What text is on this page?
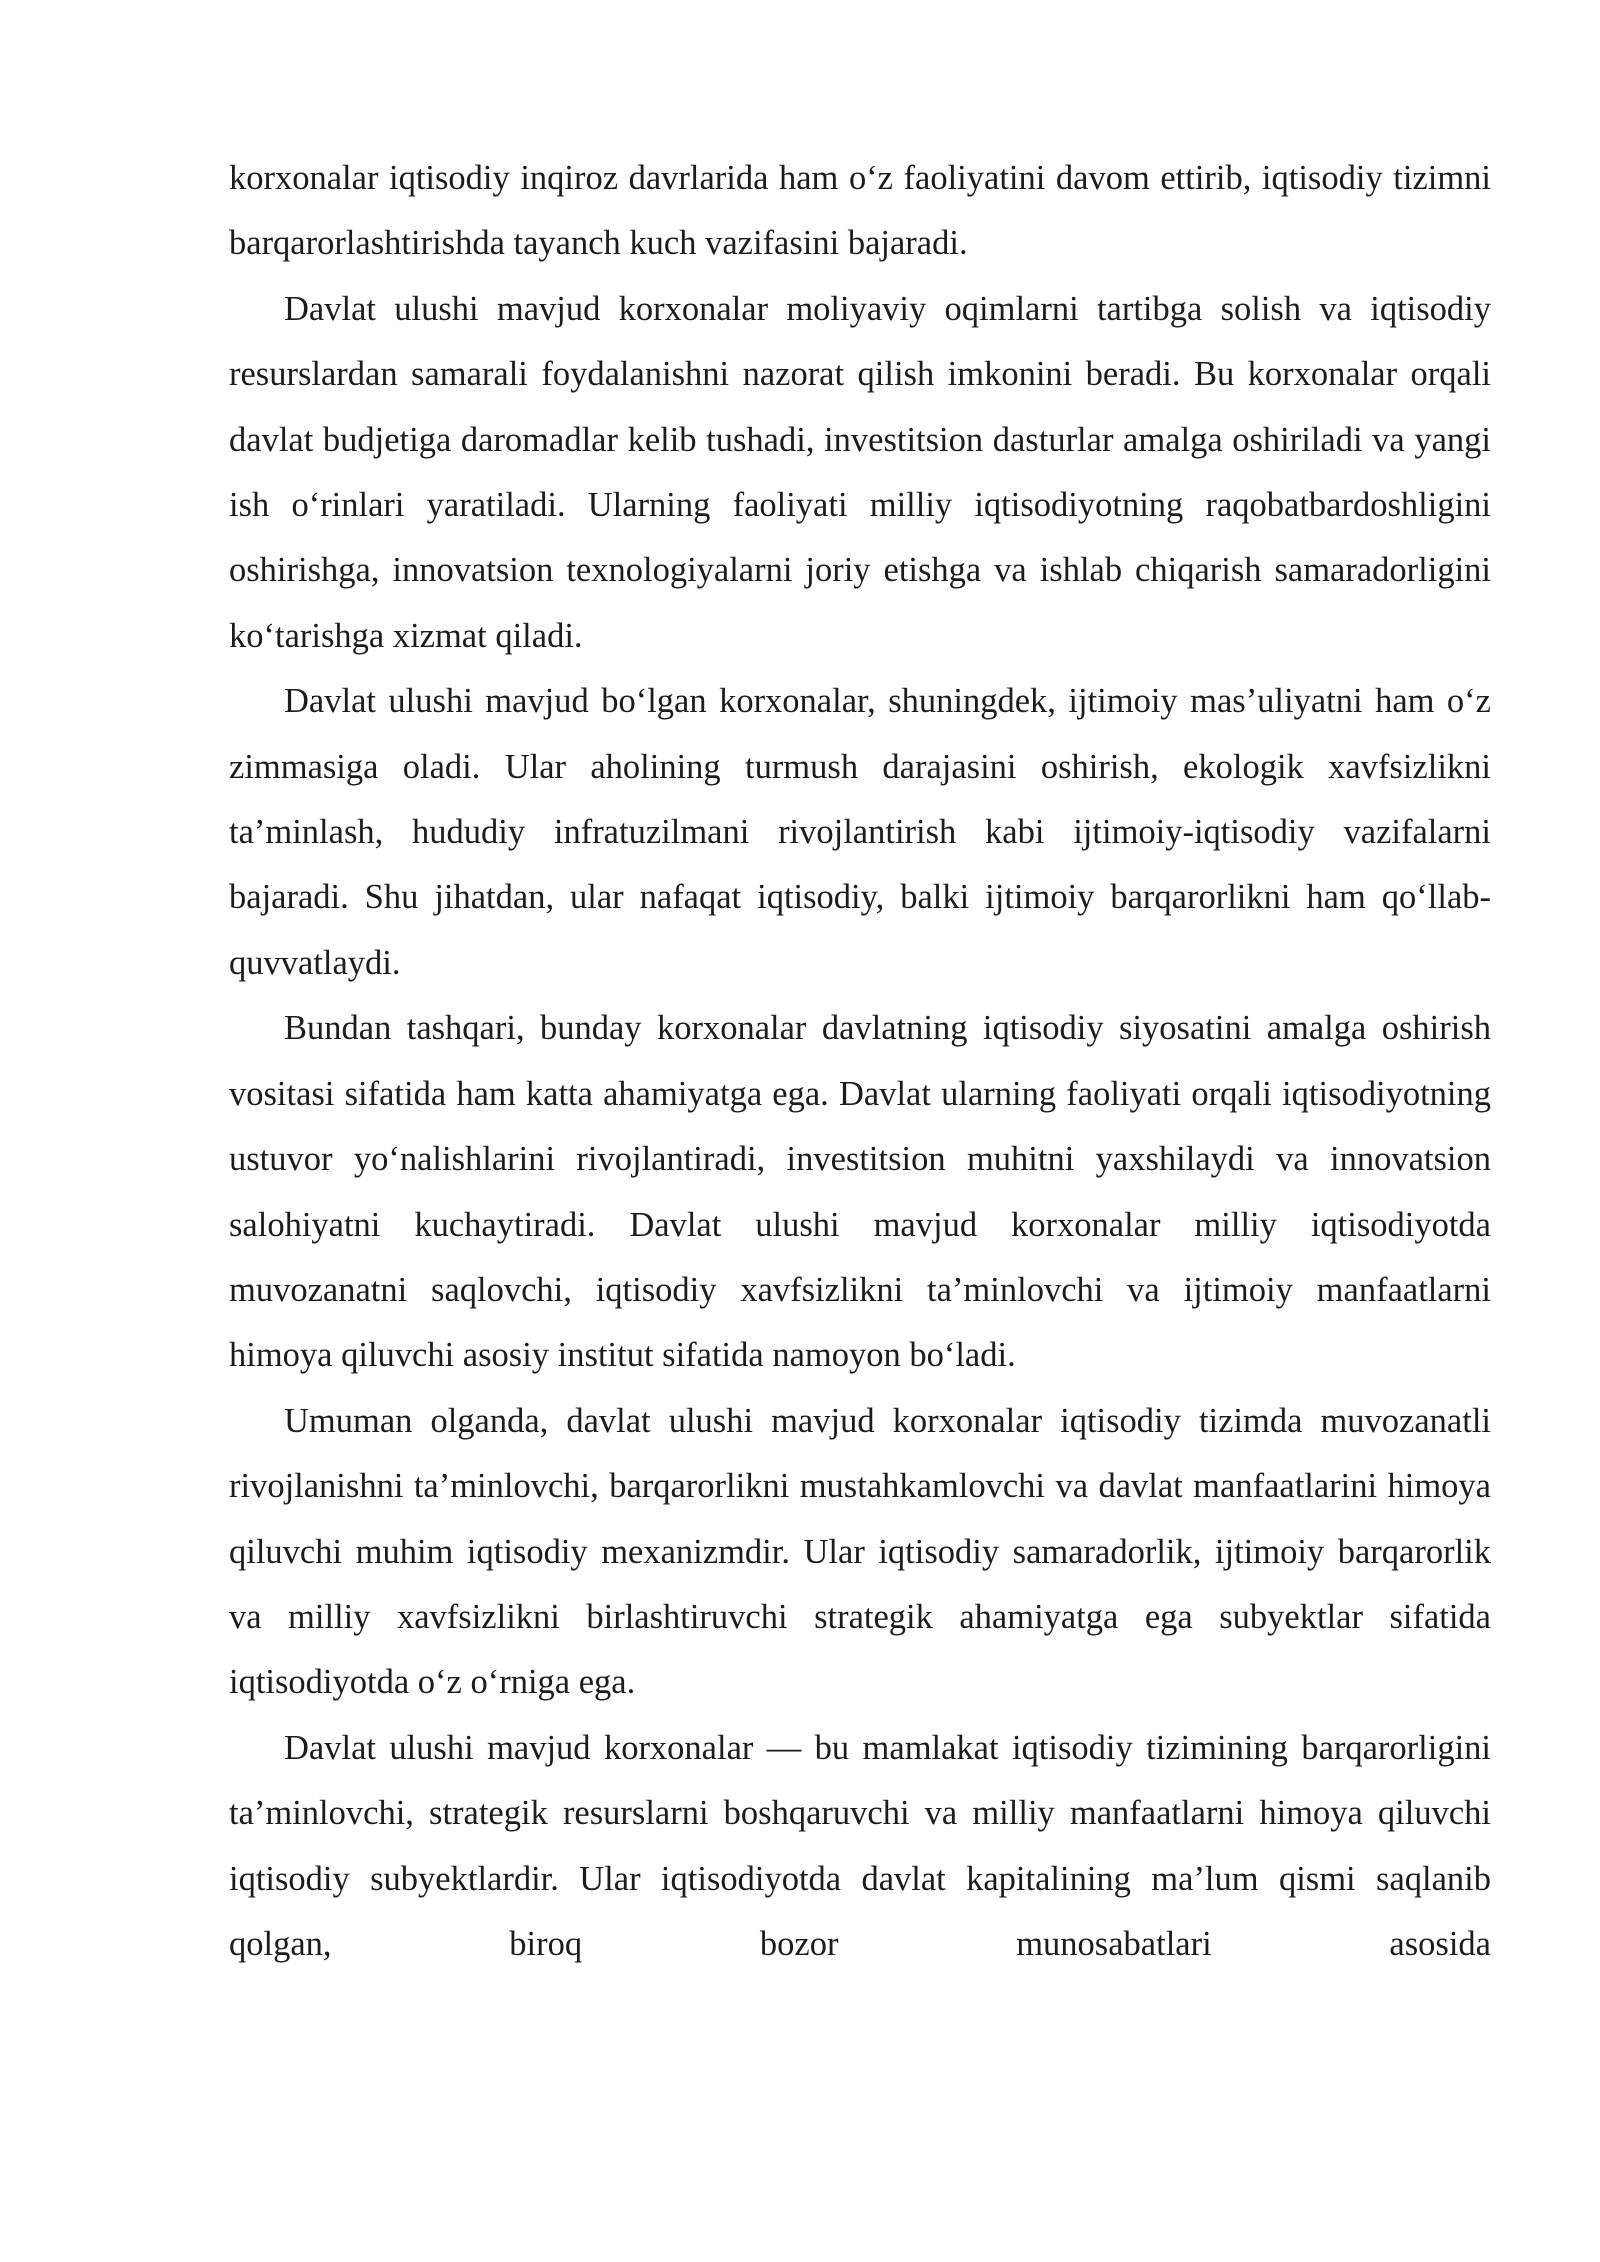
korxonalar iqtisodiy inqiroz davrlarida ham o‘z faoliyatini davom ettirib, iqtisodiy tizimni barqarorlashtirishda tayanch kuch vazifasini bajaradi.

Davlat ulushi mavjud korxonalar moliyaviy oqimlarni tartibga solish va iqtisodiy resurslardan samarali foydalanishni nazorat qilish imkonini beradi. Bu korxonalar orqali davlat budjetiga daromadlar kelib tushadi, investitsion dasturlar amalga oshiriladi va yangi ish o‘rinlari yaratiladi. Ularning faoliyati milliy iqtisodiyotning raqobatbardoshligini oshirishga, innovatsion texnologiyalarni joriy etishga va ishlab chiqarish samaradorligini ko‘tarishga xizmat qiladi.

Davlat ulushi mavjud bo‘lgan korxonalar, shuningdek, ijtimoiy mas’uliyatni ham o‘z zimmasiga oladi. Ular aholining turmush darajasini oshirish, ekologik xavfsizlikni ta’minlash, hududiy infratuzilmani rivojlantirish kabi ijtimoiy-iqtisodiy vazifalarni bajaradi. Shu jihatdan, ular nafaqat iqtisodiy, balki ijtimoiy barqarorlikni ham qo‘llab-quvvatlaydi.

Bundan tashqari, bunday korxonalar davlatning iqtisodiy siyosatini amalga oshirish vositasi sifatida ham katta ahamiyatga ega. Davlat ularning faoliyati orqali iqtisodiyotning ustuvor yo‘nalishlarini rivojlantiradi, investitsion muhitni yaxshilaydi va innovatsion salohiyatni kuchaytiradi. Davlat ulushi mavjud korxonalar milliy iqtisodiyotda muvozanatni saqlovchi, iqtisodiy xavfsizlikni ta’minlovchi va ijtimoiy manfaatlarni himoya qiluvchi asosiy institut sifatida namoyon bo‘ladi.

Umuman olganda, davlat ulushi mavjud korxonalar iqtisodiy tizimda muvozanatli rivojlanishni ta’minlovchi, barqarorlikni mustahkamlovchi va davlat manfaatlarini himoya qiluvchi muhim iqtisodiy mexanizmdir. Ular iqtisodiy samaradorlik, ijtimoiy barqarorlik va milliy xavfsizlikni birlashtiruvchi strategik ahamiyatga ega subyektlar sifatida iqtisodiyotda o‘z o‘rniga ega.

Davlat ulushi mavjud korxonalar — bu mamlakat iqtisodiy tizimining barqarorligini ta’minlovchi, strategik resurslarni boshqaruvchi va milliy manfaatlarni himoya qiluvchi iqtisodiy subyektlardir. Ular iqtisodiyotda davlat kapitalining ma’lum qismi saqlanib qolgan, biroq bozor munosabatlari asosida
